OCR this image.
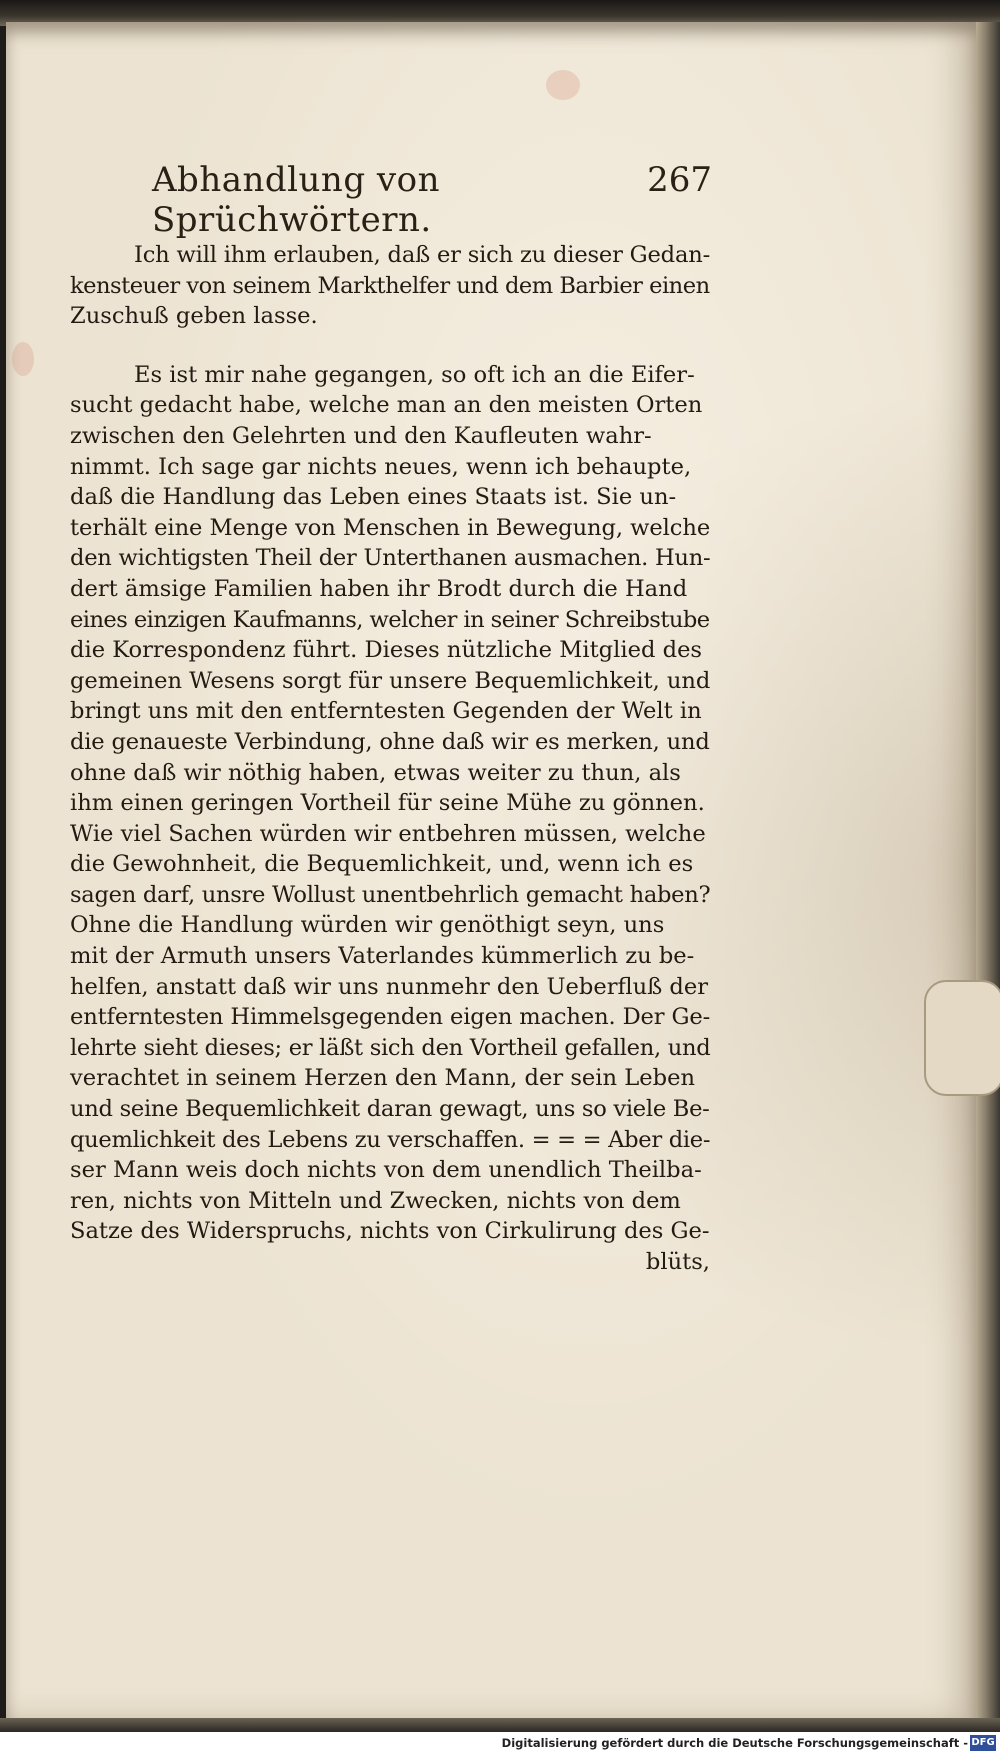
Abhandlung von Sprüchwörtern.
267
Ich will ihm erlauben, daß er sich zu dieser Gedan-
kensteuer von seinem Markthelfer und dem Barbier einen
Zuschuß geben lasse.
Es ist mir nahe gegangen, so oft ich an die Eifer-
sucht gedacht habe, welche man an den meisten Orten
zwischen den Gelehrten und den Kaufleuten wahr-
nimmt. Ich sage gar nichts neues, wenn ich behaupte,
daß die Handlung das Leben eines Staats ist. Sie un-
terhält eine Menge von Menschen in Bewegung, welche
den wichtigsten Theil der Unterthanen ausmachen. Hun-
dert ämsige Familien haben ihr Brodt durch die Hand
eines einzigen Kaufmanns, welcher in seiner Schreibstube
die Korrespondenz führt. Dieses nützliche Mitglied des
gemeinen Wesens sorgt für unsere Bequemlichkeit, und
bringt uns mit den entferntesten Gegenden der Welt in
die genaueste Verbindung, ohne daß wir es merken, und
ohne daß wir nöthig haben, etwas weiter zu thun, als
ihm einen geringen Vortheil für seine Mühe zu gönnen.
Wie viel Sachen würden wir entbehren müssen, welche
die Gewohnheit, die Bequemlichkeit, und, wenn ich es
sagen darf, unsre Wollust unentbehrlich gemacht haben?
Ohne die Handlung würden wir genöthigt seyn, uns
mit der Armuth unsers Vaterlandes kümmerlich zu be-
helfen, anstatt daß wir uns nunmehr den Ueberfluß der
entferntesten Himmelsgegenden eigen machen. Der Ge-
lehrte sieht dieses; er läßt sich den Vortheil gefallen, und
verachtet in seinem Herzen den Mann, der sein Leben
und seine Bequemlichkeit daran gewagt, uns so viele Be-
quemlichkeit des Lebens zu verschaffen. = = = Aber die-
ser Mann weis doch nichts von dem unendlich Theilba-
ren, nichts von Mitteln und Zwecken, nichts von dem
Satze des Widerspruchs, nichts von Cirkulirung des Ge-
blüts,
Digitalisierung gefördert durch die Deutsche Forschungsgemeinschaft - DFG
